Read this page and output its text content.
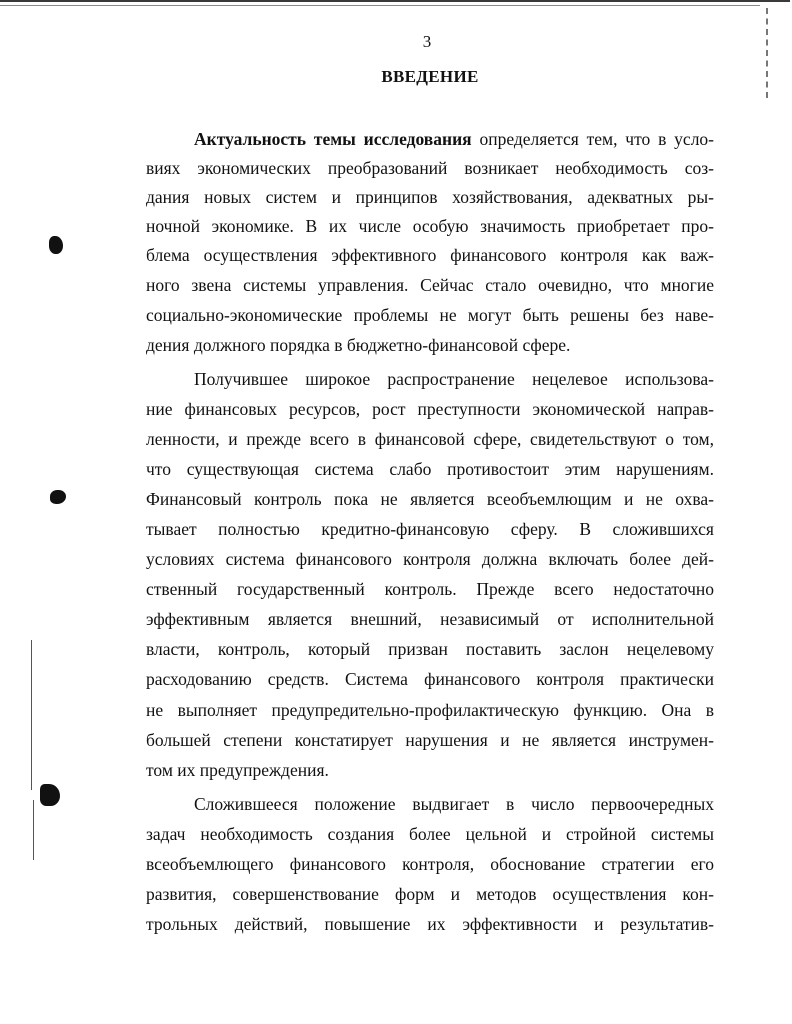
3
ВВЕДЕНИЕ
Актуальность темы исследования определяется тем, что в усло-
виях экономических преобразований возникает необходимость соз-
дания новых систем и принципов хозяйствования, адекватных ры-
ночной экономике. В их числе особую значимость приобретает про-
блема осуществления эффективного финансового контроля как важ-
ного звена системы управления. Сейчас стало очевидно, что многие
социально-экономические проблемы не могут быть решены без наве-
дения должного порядка в бюджетно-финансовой сфере.
Получившее широкое распространение нецелевое использова-
ние финансовых ресурсов, рост преступности экономической направ-
ленности, и прежде всего в финансовой сфере, свидетельствуют о том,
что существующая система слабо противостоит этим нарушениям.
Финансовый контроль пока не является всеобъемлющим и не охва-
тывает полностью кредитно-финансовую сферу. В сложившихся
условиях система финансового контроля должна включать более дей-
ственный государственный контроль. Прежде всего недостаточно
эффективным является внешний, независимый от исполнительной
власти, контроль, который призван поставить заслон нецелевому
расходованию средств. Система финансового контроля практически
не выполняет предупредительно-профилактическую функцию. Она в
большей степени констатирует нарушения и не является инструмен-
том их предупреждения.
Сложившееся положение выдвигает в число первоочередных
задач необходимость создания более цельной и стройной системы
всеобъемлющего финансового контроля, обоснование стратегии его
развития, совершенствование форм и методов осуществления кон-
трольных действий, повышение их эффективности и результатив-
